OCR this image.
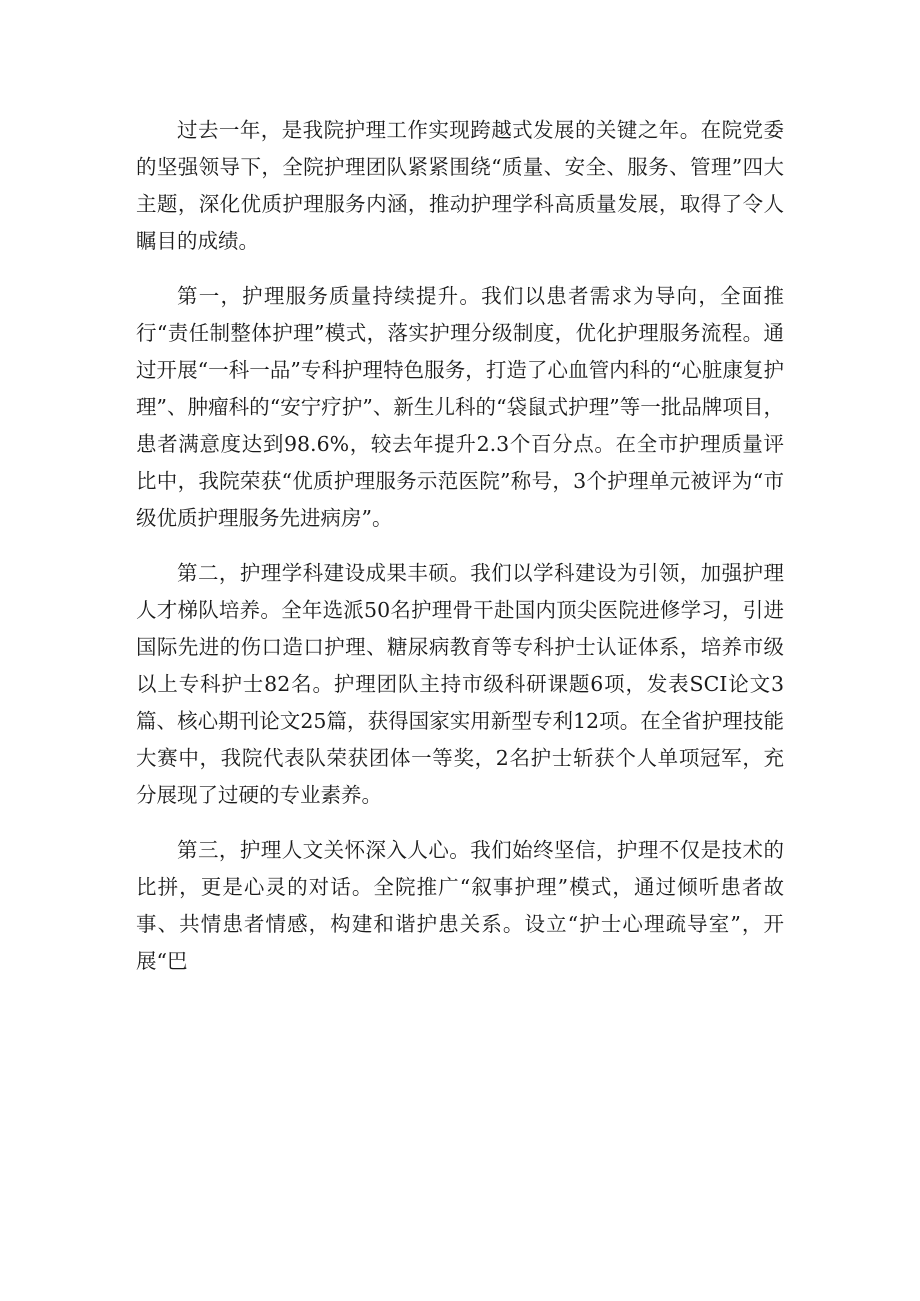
过去一年，是我院护理工作实现跨越式发展的关键之年。在院党委的坚强领导下，全院护理团队紧紧围绕“质量、安全、服务、管理”四大主题，深化优质护理服务内涵，推动护理学科高质量发展，取得了令人瞩目的成绩。

第一，护理服务质量持续提升。我们以患者需求为导向，全面推行“责任制整体护理”模式，落实护理分级制度，优化护理服务流程。通过开展“一科一品”专科护理特色服务，打造了心血管内科的“心脏康复护理”、肿瘤科的“安宁疗护”、新生儿科的“袋鼠式护理”等一批品牌项目，患者满意度达到98.6%，较去年提升2.3个百分点。在全市护理质量评比中，我院荣获“优质护理服务示范医院”称号，3个护理单元被评为“市级优质护理服务先进病房”。

第二，护理学科建设成果丰硕。我们以学科建设为引领，加强护理人才梯队培养。全年选派50名护理骨干赴国内顶尖医院进修学习，引进国际先进的伤口造口护理、糖尿病教育等专科护士认证体系，培养市级以上专科护士82名。护理团队主持市级科研课题6项，发表SCI论文3篇、核心期刊论文25篇，获得国家实用新型专利12项。在全省护理技能大赛中，我院代表队荣获团体一等奖，2名护士斩获个人单项冠军，充分展现了过硬的专业素养。

第三，护理人文关怀深入人心。我们始终坚信，护理不仅是技术的比拼，更是心灵的对话。全院推广“叙事护理”模式，通过倾听患者故事、共情患者情感，构建和谐护患关系。设立“护士心理疏导室”，开展“巴
